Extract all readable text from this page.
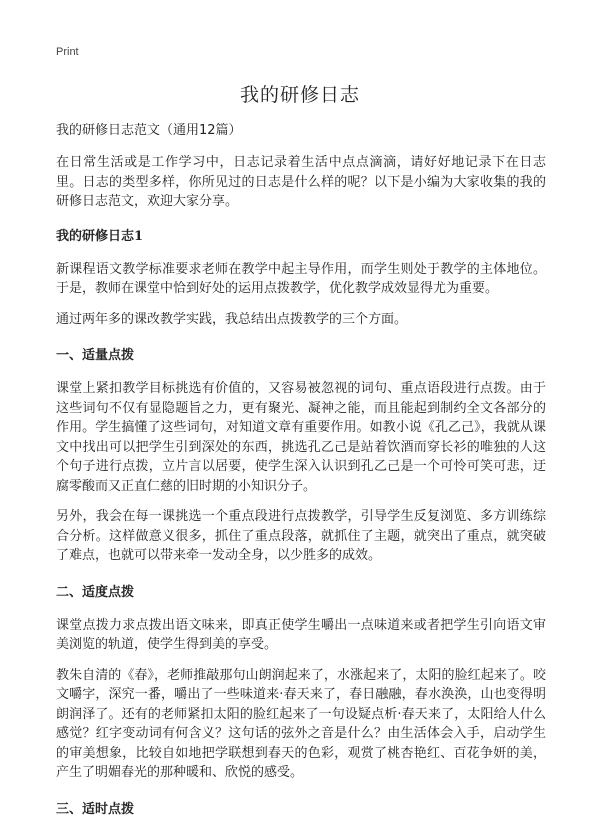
Print
我的研修日志
我的研修日志范文（通用12篇）

在日常生活或是工作学习中，日志记录着生活中点点滴滴，请好好地记录下在日志里。日志的类型多样，你所见过的日志是什么样的呢？以下是小编为大家收集的我的研修日志范文，欢迎大家分享。

我的研修日志1

新课程语文教学标准要求老师在教学中起主导作用，而学生则处于教学的主体地位。于是，教师在课堂中恰到好处的运用点拨教学，优化教学成效显得尤为重要。

通过两年多的课改教学实践，我总结出点拨教学的三个方面。

一、适量点拨

课堂上紧扣教学目标挑选有价值的，又容易被忽视的词句、重点语段进行点拨。由于这些词句不仅有显隐题旨之力，更有聚光、凝神之能，而且能起到制约全文各部分的作用。学生搞懂了这些词句，对知道文章有重要作用。如教小说《孔乙己》，我就从课文中找出可以把学生引到深处的东西，挑选孔乙己是站着饮酒而穿长衫的唯独的人这个句子进行点拨，立片言以居要，使学生深入认识到孔乙己是一个可怜可笑可悲，迂腐零酸而又正直仁慈的旧时期的小知识分子。

另外，我会在每一课挑选一个重点段进行点拨教学，引导学生反复浏览、多方训练综合分析。这样做意义很多，抓住了重点段落，就抓住了主题，就突出了重点，就突破了难点，也就可以带来牵一发动全身，以少胜多的成效。

二、适度点拨

课堂点拨力求点拨出语文味来，即真正使学生嚼出一点味道来或者把学生引向语文审美浏览的轨道，使学生得到美的享受。

教朱自清的《春》，老师推敲那句山朗润起来了，水涨起来了，太阳的脸红起来了。咬文嚼字，深究一番，嚼出了一些味道来·春天来了，春日融融，春水涣涣，山也变得明朗润泽了。还有的老师紧扣太阳的脸红起来了一句设疑点析·春天来了，太阳给人什么感觉？红字变动词有何含义？这句话的弦外之音是什么？由生活体会入手，启动学生的审美想象，比较自如地把学联想到春天的色彩，观赏了桃杏艳红、百花争妍的美，产生了明媚春光的那种暖和、欣悦的感受。

三、适时点拨
